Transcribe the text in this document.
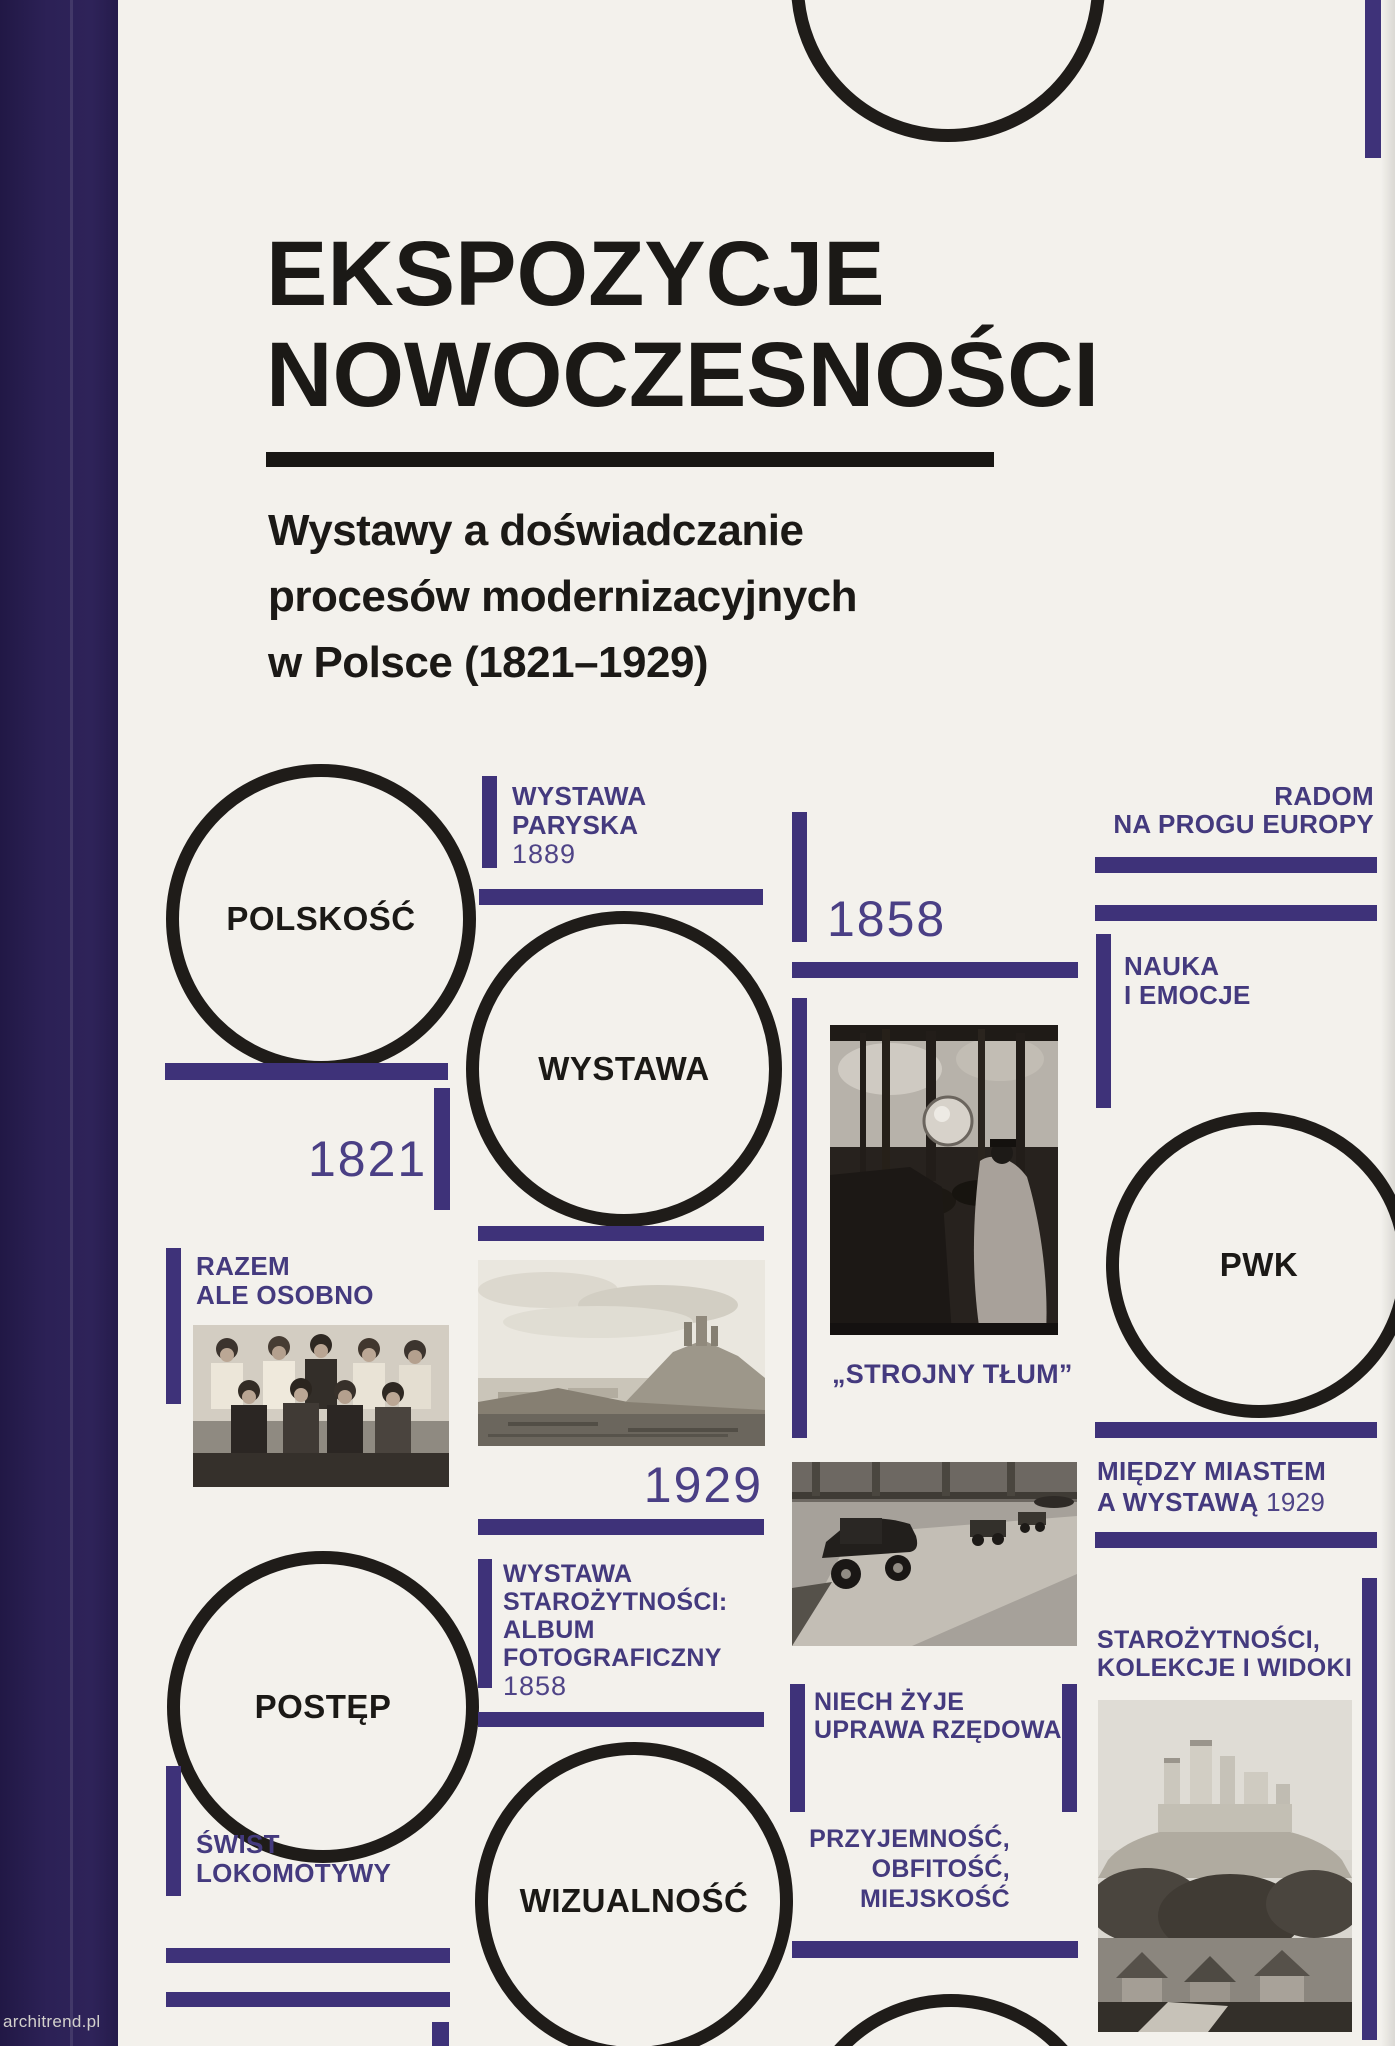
EKSPOZYCJE
NOWOCZESNOŚCI
Wystawy a doświadczanie
procesów modernizacyjnych
w Polsce (1821–1929)
POLSKOŚĆ
1821
RAZEM
ALE OSOBNO
POSTĘP
ŚWIST
LOKOMOTYWY
WYSTAWA
PARYSKA
1889
WYSTAWA
1929
WYSTAWA
STAROŻYTNOŚCI:
ALBUM
FOTOGRAFICZNY
1858
WIZUALNOŚĆ
1858
„STROJNY TŁUM”
NIECH ŻYJE
UPRAWA RZĘDOWA
PRZYJEMNOŚĆ,
OBFITOŚĆ,
MIEJSKOŚĆ
RADOM
NA PROGU EUROPY
NAUKA
I EMOCJE
PWK
MIĘDZY MIASTEM
A WYSTAWĄ 1929
STAROŻYTNOŚCI,
KOLEKCJE I WIDOKI
architrend.pl
